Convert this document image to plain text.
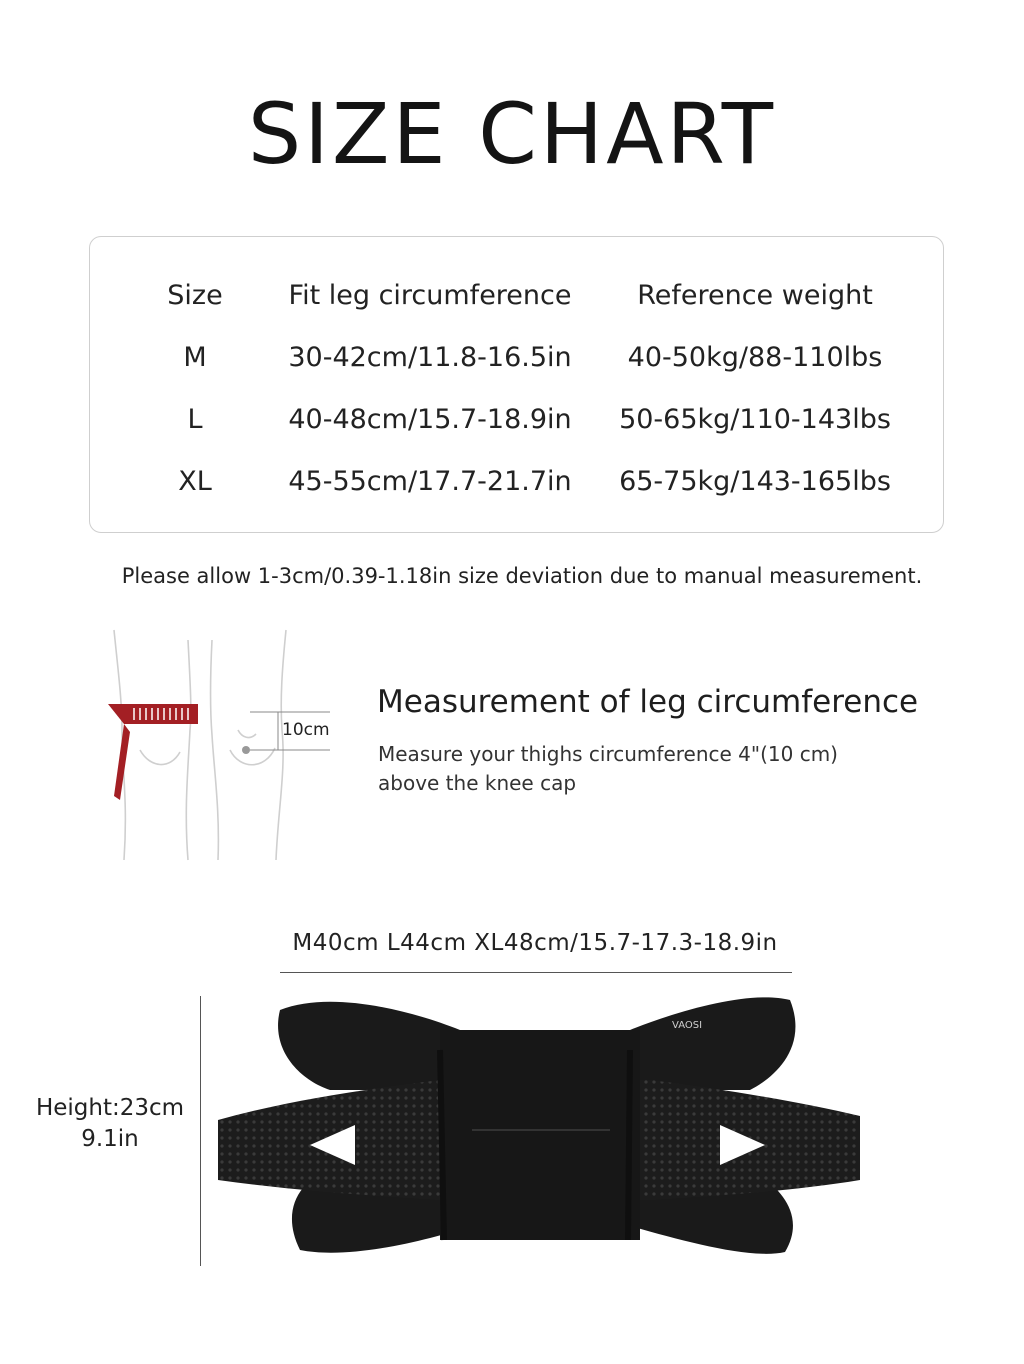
SIZE CHART
Size	Fit leg circumference	Reference weight
M	30-42cm/11.8-16.5in	40-50kg/88-110lbs
L	40-48cm/15.7-18.9in	50-65kg/110-143lbs
XL	45-55cm/17.7-21.7in	65-75kg/143-165lbs
Please allow 1-3cm/0.39-1.18in size deviation due to manual measurement.
10cm
Measurement of leg circumference
Measure your thighs circumference 4"(10 cm) above the knee cap
M40cm L44cm XL48cm/15.7-17.3-18.9in
Height:23cm
9.1in
VAOSI
